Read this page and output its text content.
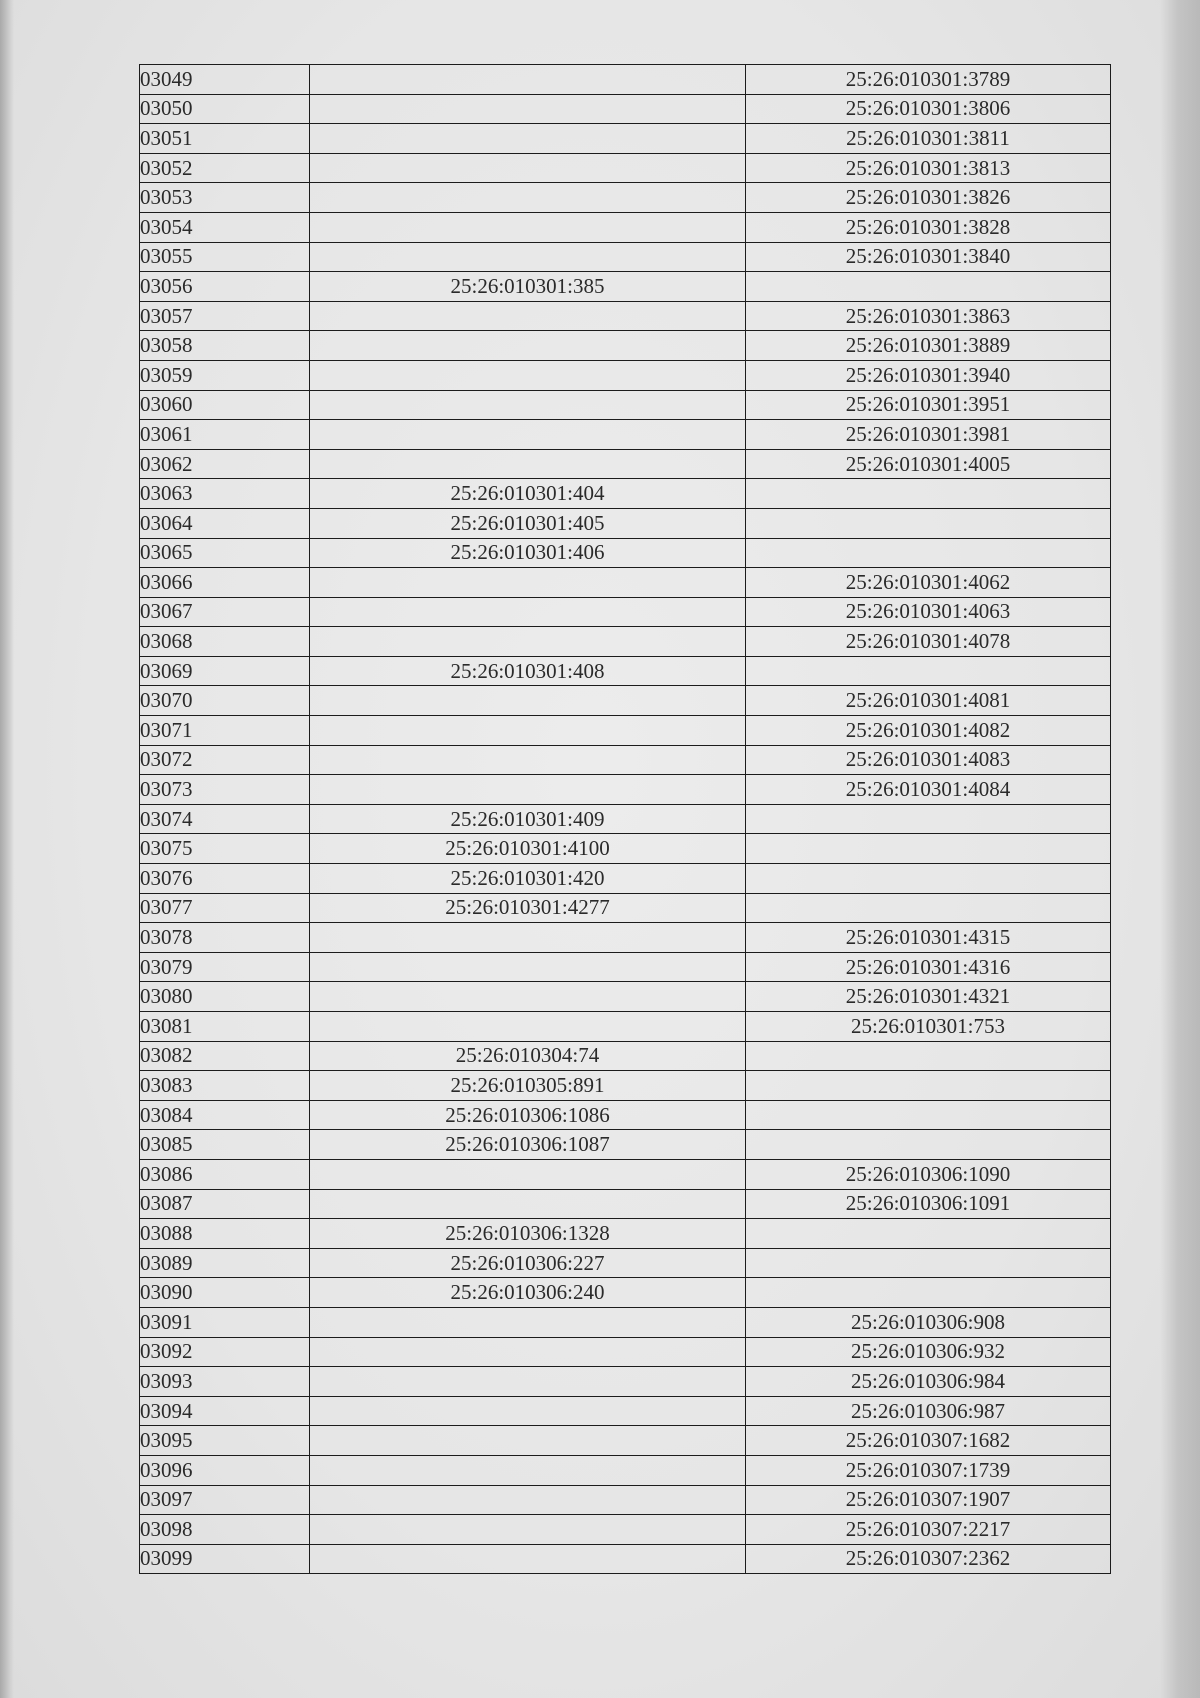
03049		25:26:010301:3789
03050		25:26:010301:3806
03051		25:26:010301:3811
03052		25:26:010301:3813
03053		25:26:010301:3826
03054		25:26:010301:3828
03055		25:26:010301:3840
03056	25:26:010301:385	
03057		25:26:010301:3863
03058		25:26:010301:3889
03059		25:26:010301:3940
03060		25:26:010301:3951
03061		25:26:010301:3981
03062		25:26:010301:4005
03063	25:26:010301:404	
03064	25:26:010301:405	
03065	25:26:010301:406	
03066		25:26:010301:4062
03067		25:26:010301:4063
03068		25:26:010301:4078
03069	25:26:010301:408	
03070		25:26:010301:4081
03071		25:26:010301:4082
03072		25:26:010301:4083
03073		25:26:010301:4084
03074	25:26:010301:409	
03075	25:26:010301:4100	
03076	25:26:010301:420	
03077	25:26:010301:4277	
03078		25:26:010301:4315
03079		25:26:010301:4316
03080		25:26:010301:4321
03081		25:26:010301:753
03082	25:26:010304:74	
03083	25:26:010305:891	
03084	25:26:010306:1086	
03085	25:26:010306:1087	
03086		25:26:010306:1090
03087		25:26:010306:1091
03088	25:26:010306:1328	
03089	25:26:010306:227	
03090	25:26:010306:240	
03091		25:26:010306:908
03092		25:26:010306:932
03093		25:26:010306:984
03094		25:26:010306:987
03095		25:26:010307:1682
03096		25:26:010307:1739
03097		25:26:010307:1907
03098		25:26:010307:2217
03099		25:26:010307:2362
